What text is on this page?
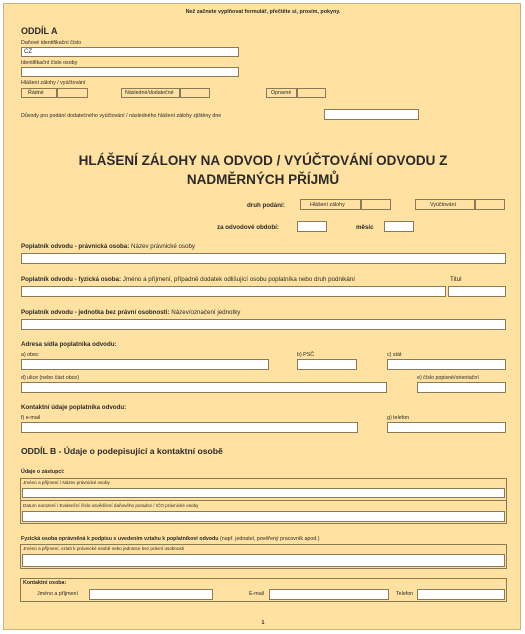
Než začnete vyplňovat formulář, přečtěte si, prosím, pokyny.
ODDÍL A
Daňové identifikační číslo
CZ
Identifikační číslo osoby
Hlášení zálohy / vyúčtování
Řádné	Následné/dodatečné	Opravné
Důvody pro podání dodatečného vyúčtování / následného hlášení zálohy zjištěny dne
HLÁŠENÍ ZÁLOHY NA ODVOD / VYÚČTOVÁNÍ ODVODU Z
NADMĚRNÝCH PŘÍJMŮ
druh podání:	Hlášení zálohy	Vyúčtování
za odvodové období:	měsíc
Poplatník odvodu - právnická osoba: Název právnické osoby
Poplatník odvodu - fyzická osoba: Jméno a příjmení, případně dodatek odlišující osobu poplatníka nebo druh podnikání	Titul
Poplatník odvodu - jednotka bez právní osobnosti: Název/označení jednotky
Adresa sídla poplatníka odvodu:
a) obec	b) PSČ	c) stát
d) ulice (nebo část obce)	e) číslo popisné/orientační
Kontaktní údaje poplatníka odvodu:
f) e-mail	g) telefon
ODDÍL B - Údaje o podepisující a kontaktní osobě
Údaje o zástupci:
Jméno a příjmení / Název právnické osoby
Datum narození / Evidenční číslo osvědčení daňového poradce / IČO právnické osoby
Fyzická osoba oprávněná k podpisu s uvedením vztahu k poplatníkovi odvodu (např. jednatel, pověřený pracovník apod.)
Jméno a příjmení, vztah k právnické osobě nebo jednotce bez právní osobnosti
Kontaktní osoba:
Jméno a příjmení	E-mail	Telefon
1
